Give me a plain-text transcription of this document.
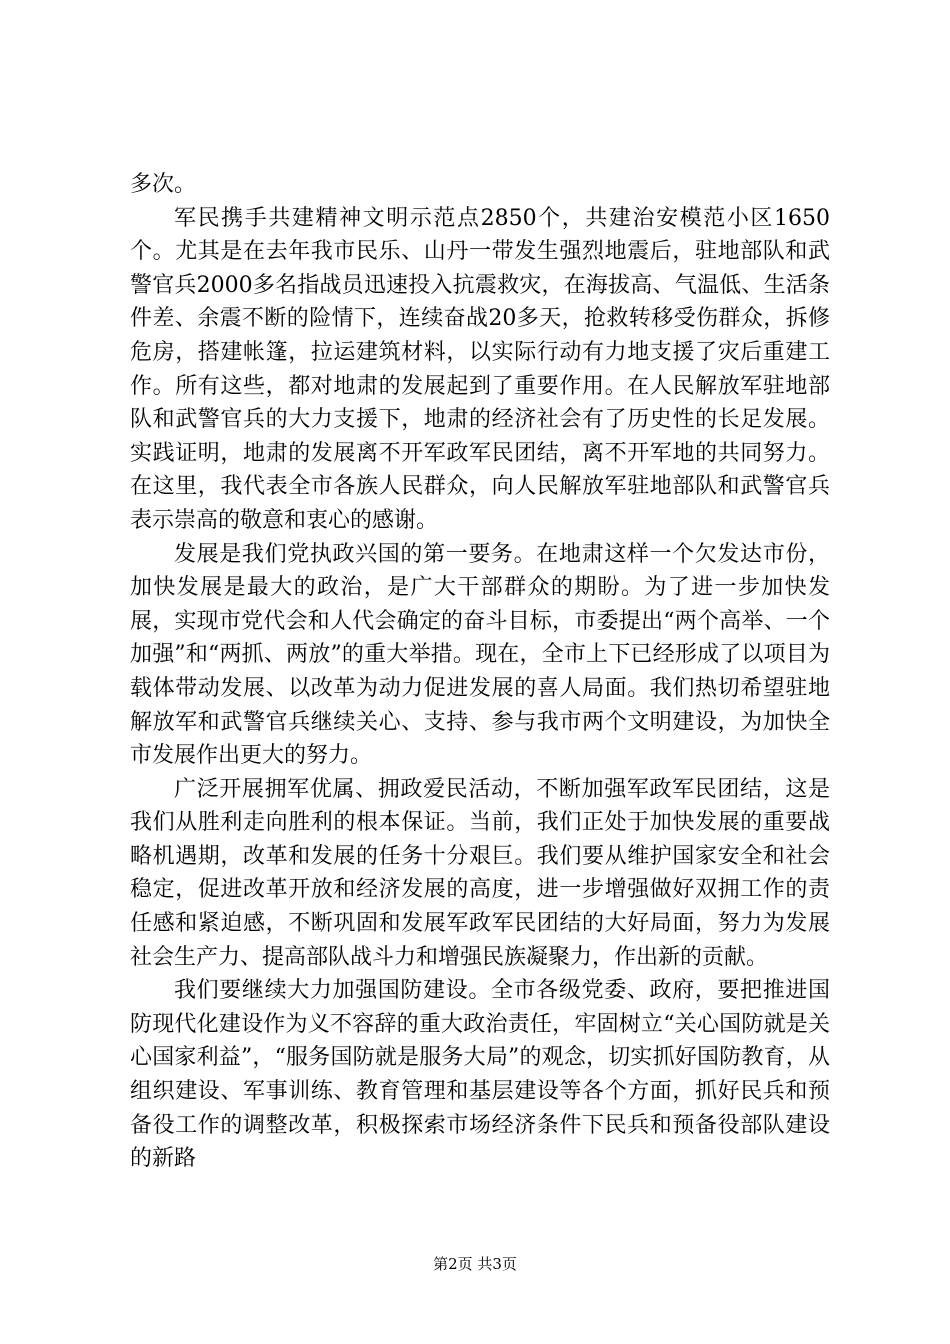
多次。

军民携手共建精神文明示范点2850个，共建治安模范小区1650个。尤其是在去年我市民乐、山丹一带发生强烈地震后，驻地部队和武警官兵2000多名指战员迅速投入抗震救灾，在海拔高、气温低、生活条件差、余震不断的险情下，连续奋战20多天，抢救转移受伤群众，拆修危房，搭建帐篷，拉运建筑材料，以实际行动有力地支援了灾后重建工作。所有这些，都对地肃的发展起到了重要作用。在人民解放军驻地部队和武警官兵的大力支援下，地肃的经济社会有了历史性的长足发展。实践证明，地肃的发展离不开军政军民团结，离不开军地的共同努力。在这里，我代表全市各族人民群众，向人民解放军驻地部队和武警官兵表示崇高的敬意和衷心的感谢。

发展是我们党执政兴国的第一要务。在地肃这样一个欠发达市份，加快发展是最大的政治，是广大干部群众的期盼。为了进一步加快发展，实现市党代会和人代会确定的奋斗目标，市委提出“两个高举、一个加强”和“两抓、两放”的重大举措。现在，全市上下已经形成了以项目为载体带动发展、以改革为动力促进发展的喜人局面。我们热切希望驻地解放军和武警官兵继续关心、支持、参与我市两个文明建设，为加快全市发展作出更大的努力。

广泛开展拥军优属、拥政爱民活动，不断加强军政军民团结，这是我们从胜利走向胜利的根本保证。当前，我们正处于加快发展的重要战略机遇期，改革和发展的任务十分艰巨。我们要从维护国家安全和社会稳定，促进改革开放和经济发展的高度，进一步增强做好双拥工作的责任感和紧迫感，不断巩固和发展军政军民团结的大好局面，努力为发展社会生产力、提高部队战斗力和增强民族凝聚力，作出新的贡献。

我们要继续大力加强国防建设。全市各级党委、政府，要把推进国防现代化建设作为义不容辞的重大政治责任，牢固树立“关心国防就是关心国家利益”，“服务国防就是服务大局”的观念，切实抓好国防教育，从组织建设、军事训练、教育管理和基层建设等各个方面，抓好民兵和预备役工作的调整改革，积极探索市场经济条件下民兵和预备役部队建设的新路

第2页 共3页
